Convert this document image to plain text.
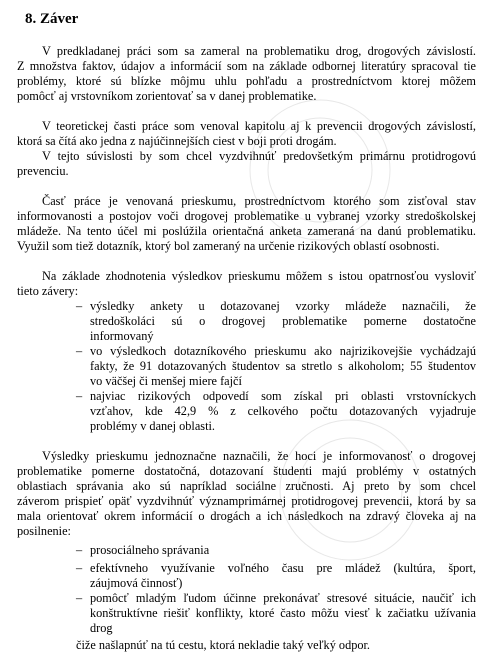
8. Záver
V predkladanej práci som sa zameral na problematiku drog, drogových závislostí.
Z množstva faktov, údajov a informácií som na základe odbornej literatúry spracoval tie
problémy, ktoré sú blízke môjmu uhlu pohľadu a prostredníctvom ktorej môžem
pomôcť aj vrstovníkom zorientovať sa v danej problematike.
V teoretickej časti práce som venoval kapitolu aj k prevencii drogových závislostí,
ktorá sa čítá ako jedna z najúčinnejších ciest v boji proti drogám.
V tejto súvislosti by som chcel vyzdvihnúť predovšetkým primárnu protidrogovú
prevenciu.
Časť práce je venovaná prieskumu, prostredníctvom ktorého som zisťoval stav
informovanosti a postojov voči drogovej problematike u vybranej vzorky stredoškolskej
mládeže. Na tento účel mi poslúžila orientačná anketa zameraná na danú problematiku.
Využil som tiež dotazník, ktorý bol zameraný na určenie rizikových oblastí osobnosti.
Na základe zhodnotenia výsledkov prieskumu môžem s istou opatrnosťou vysloviť
tieto závery:
– výsledky ankety u dotazovanej vzorky mládeže naznačili, že
stredoškoláci sú o drogovej problematike pomerne dostatočne
informovaný
– vo výsledkoch dotazníkového prieskumu ako najrizikovejšie vychádzajú
fakty, že 91 dotazovaných študentov sa stretlo s alkoholom; 55 študentov
vo väčšej či menšej miere fajčí
– najviac rizikových odpovedí som získal pri oblasti vrstovníckych
vzťahov, kde 42,9 % z celkového počtu dotazovaných vyjadruje
problémy v danej oblasti.
Výsledky prieskumu jednoznačne naznačili, že hoci je informovanosť o drogovej
problematike pomerne dostatočná, dotazovaní študenti majú problémy v ostatných
oblastiach správania ako sú napríklad sociálne zručnosti. Aj preto by som chcel
záverom prispieť opäť vyzdvihnúť významprimárnej protidrogovej prevencii, ktorá by sa
mala orientovať okrem informácií o drogách a ich následkoch na zdravý človeka aj na
posilnenie:
– prosociálneho správania
– efektívneho využívanie voľného času pre mládež (kultúra, šport,
záujmová činnosť)
– pomôcť mladým ľudom účinne prekonávať stresové situácie, naučiť ich
konštruktívne riešiť konflikty, ktoré často môžu viesť k začiatku užívania
drog
čiže našlapnúť na tú cestu, ktorá nekladie taký veľký odpor.
